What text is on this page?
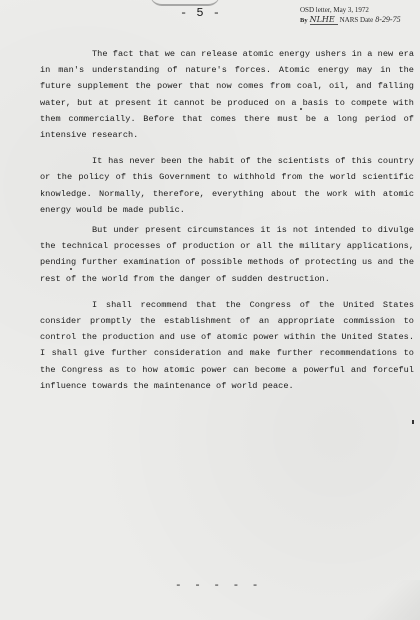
- 5 -	OSD letter, May 3, 1972
By NLHE NARS Date 8-29-75

The fact that we can release atomic energy ushers in a new era in man's understanding of nature's forces. Atomic energy may in the future supplement the power that now comes from coal, oil, and falling water, but at present it cannot be produced on a basis to compete with them commercially. Before that comes there must be a long period of intensive research.

It has never been the habit of the scientists of this country or the policy of this Government to withhold from the world scientific knowledge. Normally, therefore, everything about the work with atomic energy would be made public.

But under present circumstances it is not intended to divulge the technical processes of production or all the military applications, pending further examination of possible methods of protecting us and the rest of the world from the danger of sudden destruction.

I shall recommend that the Congress of the United States consider promptly the establishment of an appropriate commission to control the production and use of atomic power within the United States. I shall give further consideration and make further recommendations to the Congress as to how atomic power can become a powerful and forceful influence towards the maintenance of world peace.

- - - - -
